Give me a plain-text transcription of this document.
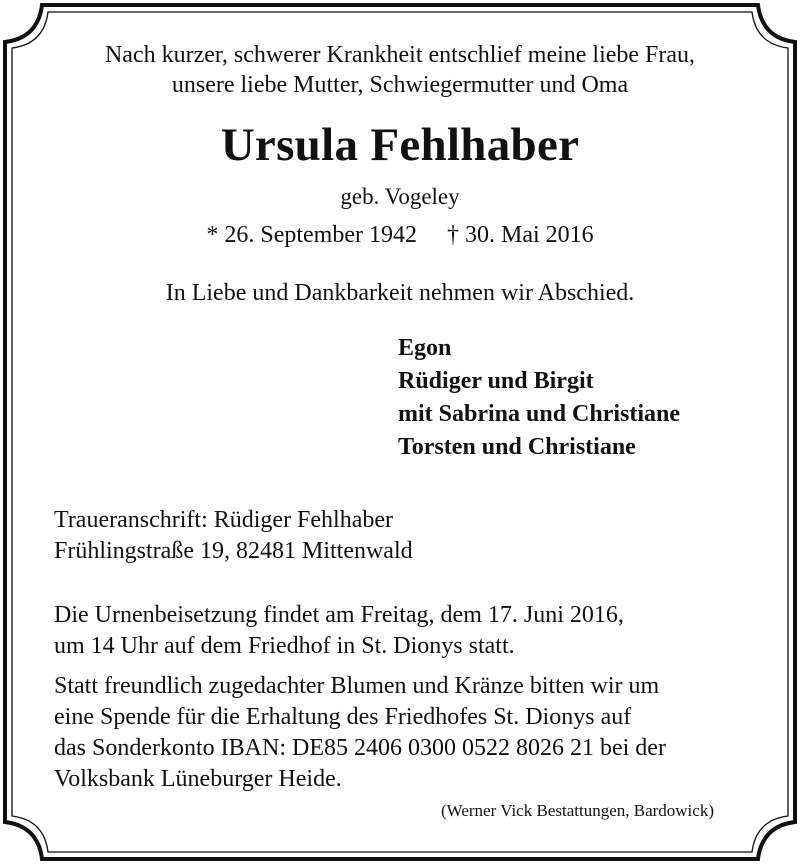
Nach kurzer, schwerer Krankheit entschlief meine liebe Frau,
unsere liebe Mutter, Schwiegermutter und Oma
Ursula Fehlhaber
geb. Vogeley
* 26. September 1942 † 30. Mai 2016
In Liebe und Dankbarkeit nehmen wir Abschied.
Egon
Rüdiger und Birgit
mit Sabrina und Christiane
Torsten und Christiane
Traueranschrift: Rüdiger Fehlhaber
Frühlingstraße 19, 82481 Mittenwald
Die Urnenbeisetzung findet am Freitag, dem 17. Juni 2016,
um 14 Uhr auf dem Friedhof in St. Dionys statt.
Statt freundlich zugedachter Blumen und Kränze bitten wir um
eine Spende für die Erhaltung des Friedhofes St. Dionys auf
das Sonderkonto IBAN: DE85 2406 0300 0522 8026 21 bei der
Volksbank Lüneburger Heide.
(Werner Vick Bestattungen, Bardowick)
